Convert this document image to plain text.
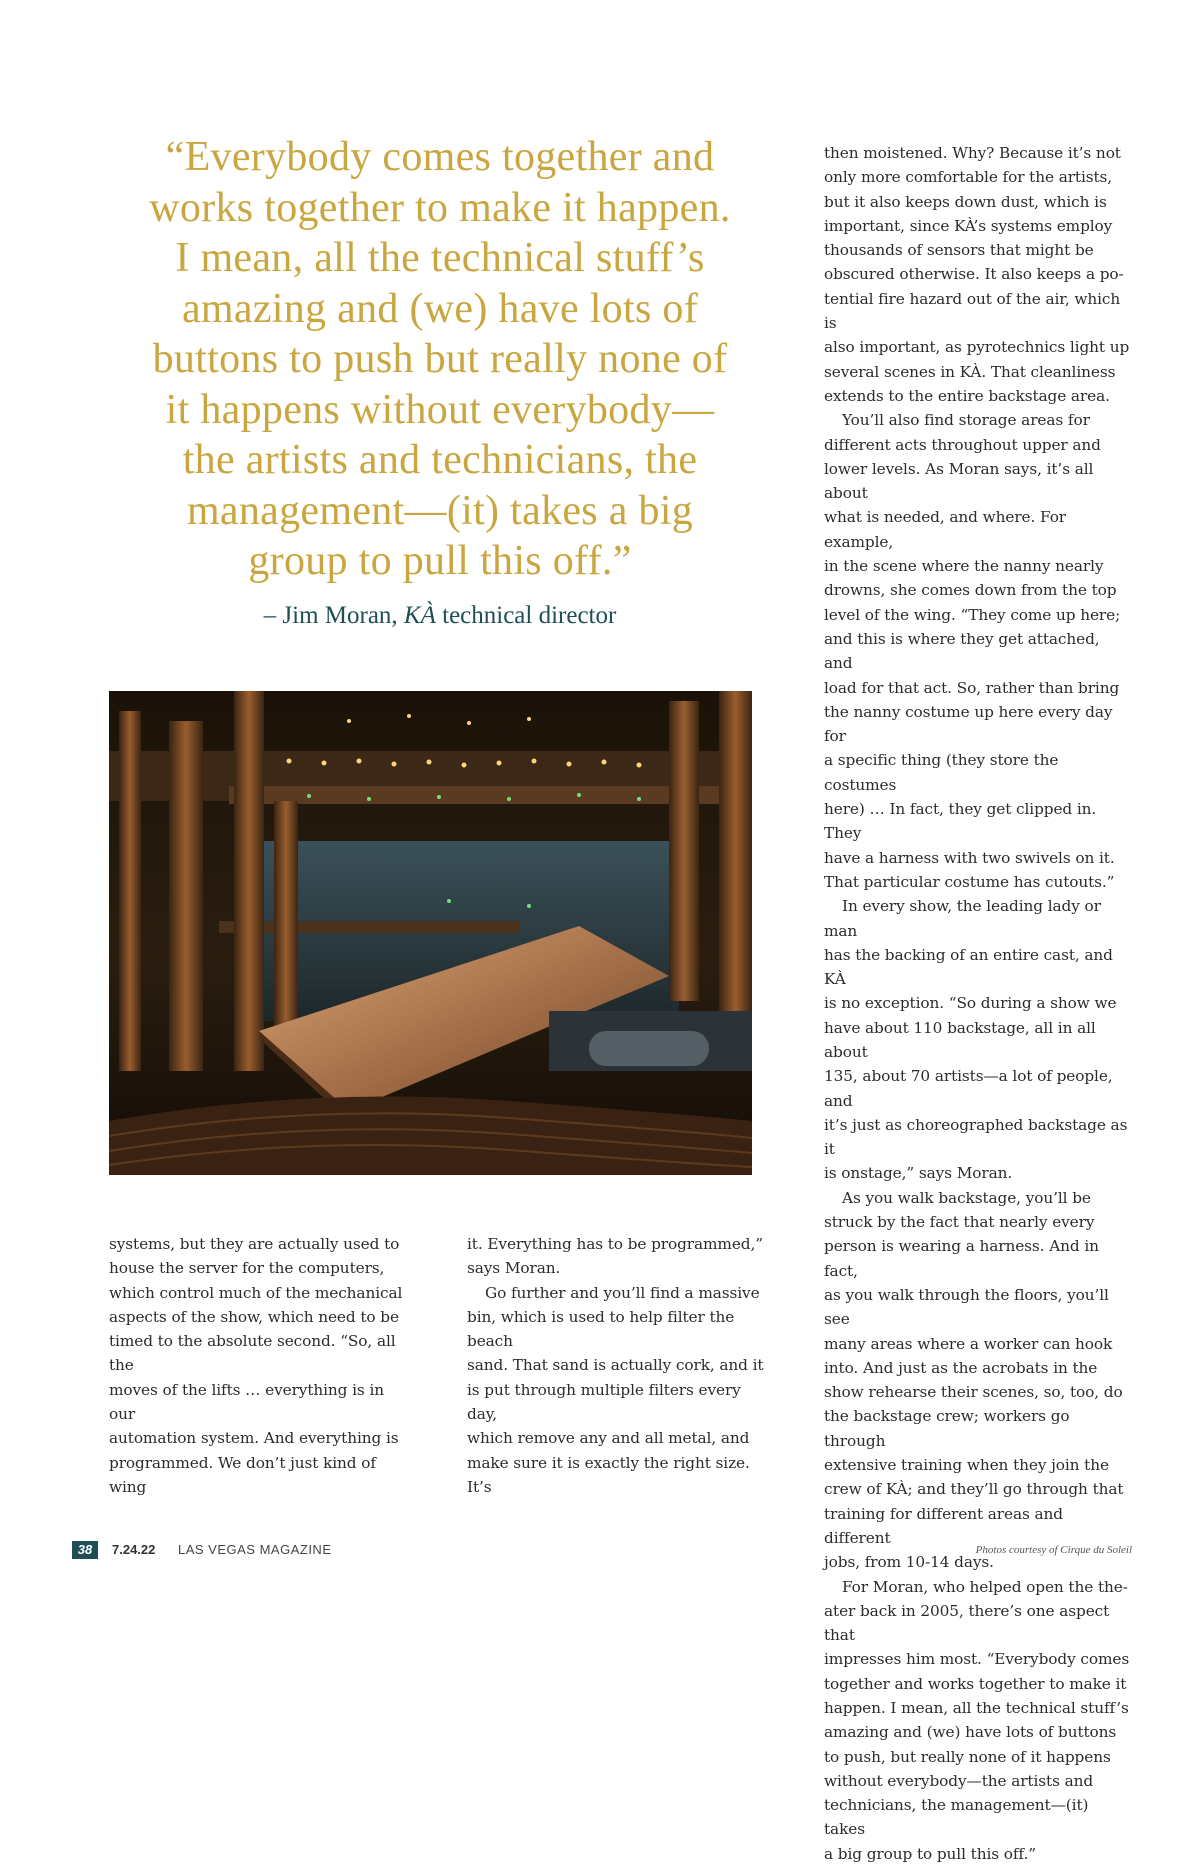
“Everybody comes together and
works together to make it happen.
I mean, all the technical stuff’s
amazing and (we) have lots of
buttons to push but really none of
it happens without everybody—
the artists and technicians, the
management—(it) takes a big
group to pull this off.”
– Jim Moran, KÀ technical director

systems, but they are actually used to

house the server for the computers,

which control much of the mechanical

aspects of the show, which need to be

timed to the absolute second. “So, all the

moves of the lifts … everything is in our

automation system. And everything is

programmed. We don’t just kind of wing

it. Everything has to be programmed,”

says Moran.

Go further and you’ll find a massive

bin, which is used to help filter the beach

sand. That sand is actually cork, and it

is put through multiple filters every day,

which remove any and all metal, and

make sure it is exactly the right size. It’s

then moistened. Why? Because it’s not

only more comfortable for the artists,

but it also keeps down dust, which is

important, since KÀ’s systems employ

thousands of sensors that might be

obscured otherwise. It also keeps a po-

tential fire hazard out of the air, which is

also important, as pyrotechnics light up

several scenes in KÀ. That cleanliness

extends to the entire backstage area.

You’ll also find storage areas for

different acts throughout upper and

lower levels. As Moran says, it’s all about

what is needed, and where. For example,

in the scene where the nanny nearly

drowns, she comes down from the top

level of the wing. “They come up here;

and this is where they get attached, and

load for that act. So, rather than bring

the nanny costume up here every day for

a specific thing (they store the costumes

here) … In fact, they get clipped in. They

have a harness with two swivels on it.

That particular costume has cutouts.”

In every show, the leading lady or man

has the backing of an entire cast, and KÀ

is no exception. “So during a show we

have about 110 backstage, all in all about

135, about 70 artists—a lot of people, and

it’s just as choreographed backstage as it

is onstage,” says Moran.

As you walk backstage, you’ll be

struck by the fact that nearly every

person is wearing a harness. And in fact,

as you walk through the floors, you’ll see

many areas where a worker can hook

into. And just as the acrobats in the

show rehearse their scenes, so, too, do

the backstage crew; workers go through

extensive training when they join the

crew of KÀ; and they’ll go through that

training for different areas and different

jobs, from 10-14 days.

For Moran, who helped open the the-

ater back in 2005, there’s one aspect that

impresses him most. “Everybody comes

together and works together to make it

happen. I mean, all the technical stuff’s

amazing and (we) have lots of buttons

to push, but really none of it happens

without everybody—the artists and

technicians, the management—(it) takes

a big group to pull this off.”

38	7.24.22 LAS VEGAS MAGAZINE	Photos courtesy of Cirque du Soleil
